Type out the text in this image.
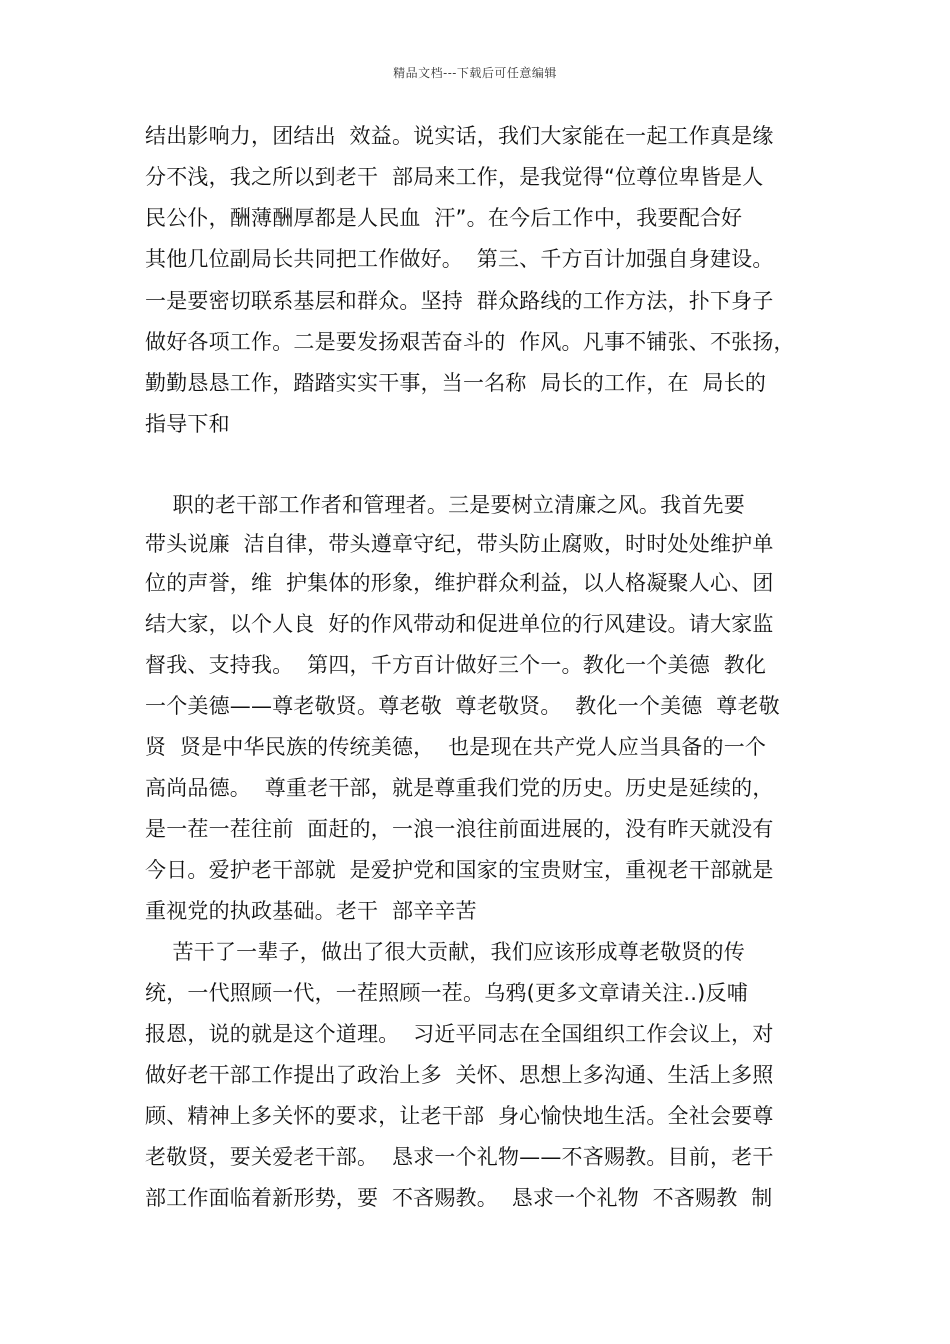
精品文档---下载后可任意编辑
结出影响力，团结出  效益。说实话，我们大家能在一起工作真是缘
分不浅，我之所以到老干  部局来工作，是我觉得“位尊位卑皆是人
民公仆，酬薄酬厚都是人民血  汗”。在今后工作中，我要配合好
其他几位副局长共同把工作做好。  第三、千方百计加强自身建设。
一是要密切联系基层和群众。坚持  群众路线的工作方法，扑下身子
做好各项工作。二是要发扬艰苦奋斗的  作风。凡事不铺张、不张扬，
勤勤恳恳工作，踏踏实实干事，当一名称  局长的工作，在  局长的
指导下和
职的老干部工作者和管理者。三是要树立清廉之风。我首先要
带头说廉  洁自律，带头遵章守纪，带头防止腐败，时时处处维护单
位的声誉，维  护集体的形象，维护群众利益，以人格凝聚人心、团
结大家，以个人良  好的作风带动和促进单位的行风建设。请大家监
督我、支持我。  第四，千方百计做好三个一。教化一个美德  教化
一个美德——尊老敬贤。尊老敬  尊老敬贤。  教化一个美德  尊老敬
贤  贤是中华民族的传统美德，  也是现在共产党人应当具备的一个
高尚品德。  尊重老干部，就是尊重我们党的历史。历史是延续的，
是一茬一茬往前  面赶的，一浪一浪往前面进展的，没有昨天就没有
今日。爱护老干部就  是爱护党和国家的宝贵财宝，重视老干部就是
重视党的执政基础。老干  部辛辛苦
苦干了一辈子，做出了很大贡献，我们应该形成尊老敬贤的传
统，一代照顾一代，一茬照顾一茬。乌鸦(更多文章请关注..)反哺
报恩，说的就是这个道理。  习近平同志在全国组织工作会议上，对
做好老干部工作提出了政治上多  关怀、思想上多沟通、生活上多照
顾、精神上多关怀的要求，让老干部  身心愉快地生活。全社会要尊
老敬贤，要关爱老干部。  恳求一个礼物——不吝赐教。目前，老干
部工作面临着新形势，要  不吝赐教。  恳求一个礼物  不吝赐教  制
